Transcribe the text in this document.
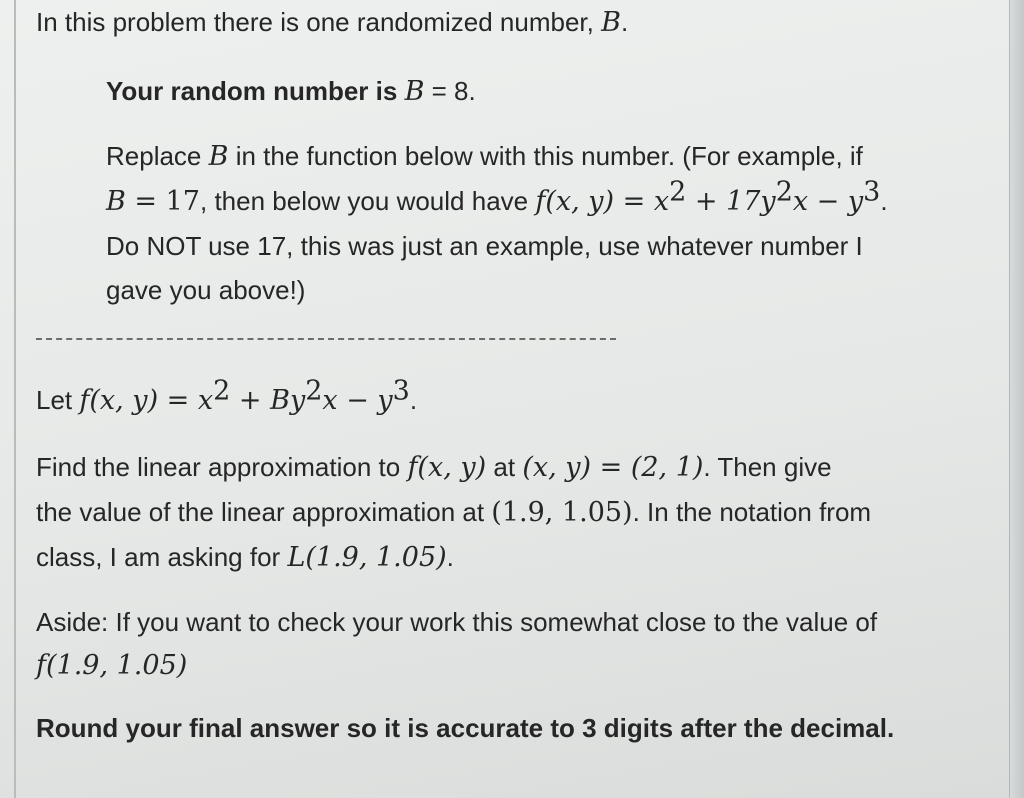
In this problem there is one randomized number, B.

Your random number is B = 8.

Replace B in the function below with this number. (For example, if

B = 17, then below you would have f(x, $y) = x^2 + 17y^2x - y^3$.

Do NOT use 17, this was just an example, use whatever number I

gave you above!)

Let f(x, $y) = x^2 + By^2x - y^3$.

Find the linear approximation to f(x, y) at (x, y) = (2, 1). Then give

the value of the linear approximation at (1.9, 1.05). In the notation from

class, I am asking for L(1.9, 1.05).

Aside: If you want to check your work this somewhat close to the value of

f(1.9, 1.05)

Round your final answer so it is accurate to 3 digits after the decimal.
